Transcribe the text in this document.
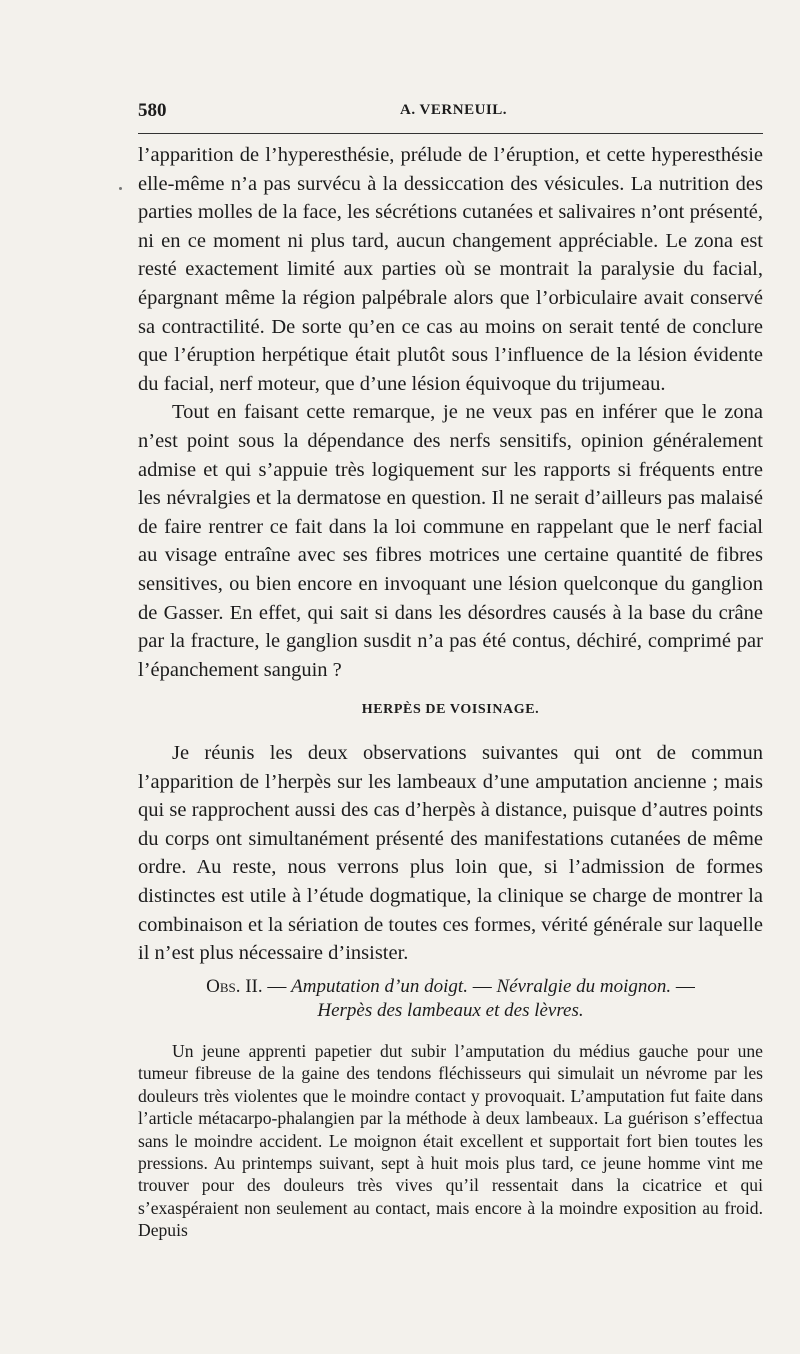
580	A. VERNEUIL.

l’apparition de l’hyperesthésie, prélude de l’éruption, et cette hyperesthésie elle-même n’a pas survécu à la dessiccation des vésicules. La nutrition des parties molles de la face, les sécrétions cutanées et salivaires n’ont présenté, ni en ce moment ni plus tard, aucun changement appréciable. Le zona est resté exactement limité aux parties où se montrait la paralysie du facial, épargnant même la région palpébrale alors que l’orbiculaire avait conservé sa contractilité. De sorte qu’en ce cas au moins on serait tenté de conclure que l’éruption herpétique était plutôt sous l’influence de la lésion évidente du facial, nerf moteur, que d’une lésion équivoque du trijumeau.

Tout en faisant cette remarque, je ne veux pas en inférer que le zona n’est point sous la dépendance des nerfs sensitifs, opinion généralement admise et qui s’appuie très logiquement sur les rapports si fréquents entre les névralgies et la dermatose en question. Il ne serait d’ailleurs pas malaisé de faire rentrer ce fait dans la loi commune en rappelant que le nerf facial au visage entraîne avec ses fibres motrices une certaine quantité de fibres sensitives, ou bien encore en invoquant une lésion quelconque du ganglion de Gasser. En effet, qui sait si dans les désordres causés à la base du crâne par la fracture, le ganglion susdit n’a pas été contus, déchiré, comprimé par l’épanchement sanguin ?

HERPÈS DE VOISINAGE.

Je réunis les deux observations suivantes qui ont de commun l’apparition de l’herpès sur les lambeaux d’une amputation ancienne ; mais qui se rapprochent aussi des cas d’herpès à distance, puisque d’autres points du corps ont simultanément présenté des manifestations cutanées de même ordre. Au reste, nous verrons plus loin que, si l’admission de formes distinctes est utile à l’étude dogmatique, la clinique se charge de montrer la combinaison et la sériation de toutes ces formes, vérité générale sur laquelle il n’est plus nécessaire d’insister.

Obs. II. — Amputation d’un doigt. — Névralgie du moignon. —
Herpès des lambeaux et des lèvres.

Un jeune apprenti papetier dut subir l’amputation du médius gauche pour une tumeur fibreuse de la gaine des tendons fléchisseurs qui simulait un névrome par les douleurs très violentes que le moindre contact y provoquait. L’amputation fut faite dans l’article métacarpo-phalangien par la méthode à deux lambeaux. La guérison s’effectua sans le moindre accident. Le moignon était excellent et supportait fort bien toutes les pressions. Au printemps suivant, sept à huit mois plus tard, ce jeune homme vint me trouver pour des douleurs très vives qu’il ressentait dans la cicatrice et qui s’exaspéraient non seulement au contact, mais encore à la moindre exposition au froid. Depuis
